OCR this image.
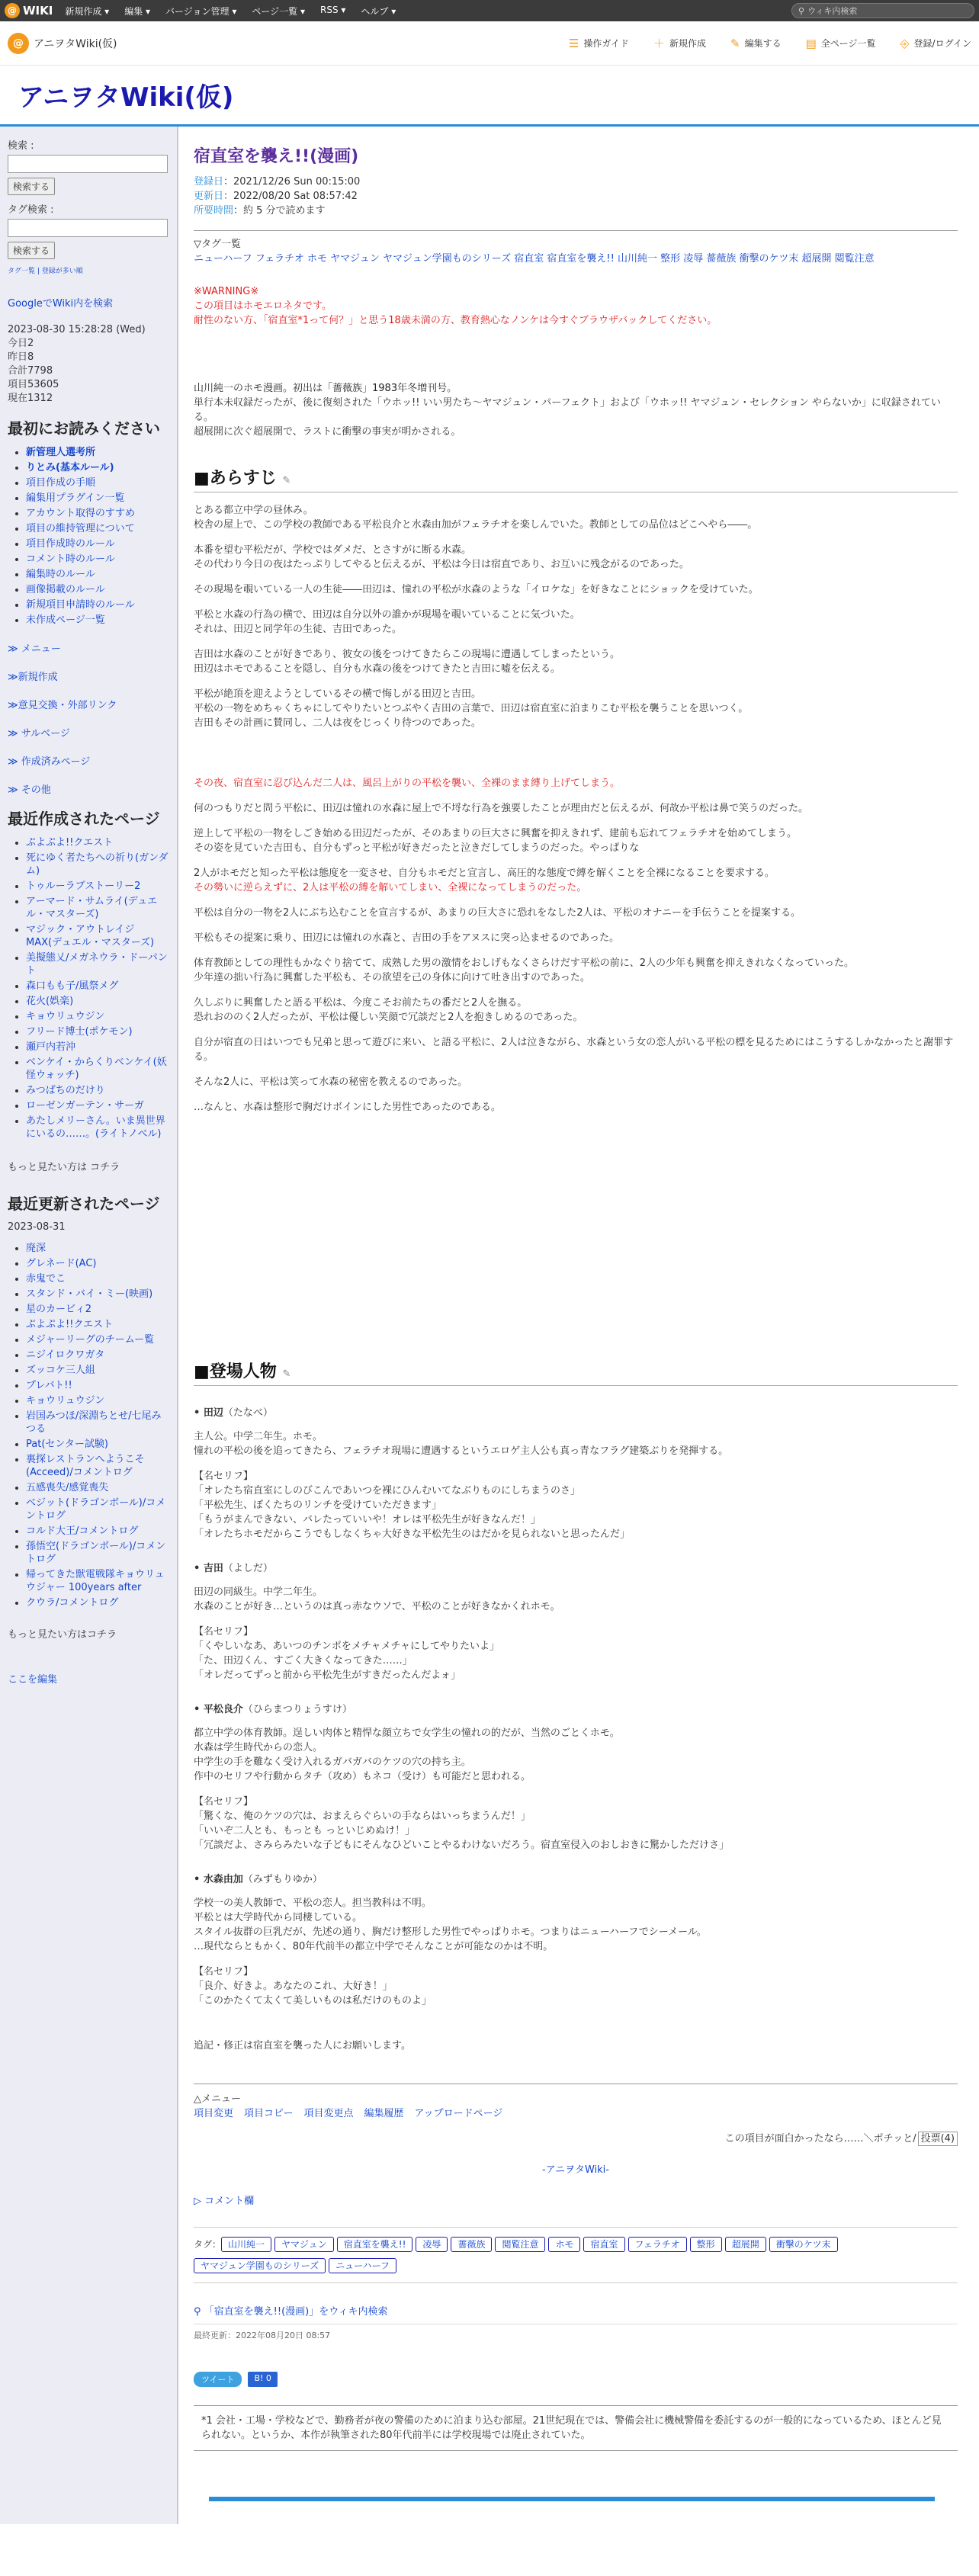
@ WIKI 新規作成 ▾ 編集 ▾ バージョン管理 ▾ ページ一覧 ▾ RSS ▾ ヘルプ ▾	⚲ ウィキ内検索
@ アニヲタWiki(仮)	☰ 操作ガイド ＋ 新規作成 ✎ 編集する ▤ 全ページ一覧 ⎆ 登録/ログイン
アニヲタWiki(仮)
検索 :
検索する
タグ検索 :
検索する
タグ一覧 | 登録が多い順
GoogleでWiki内を検索
2023-08-30 15:28:28 (Wed)
今日2
昨日8
合計7798
項目53605
現在1312
最初にお読みください
• 新管理人選考所
• りとみ(基本ルール)
• 項目作成の手順
• 編集用プラグイン一覧
• アカウント取得のすすめ
• 項目の維持管理について
• 項目作成時のルール
• コメント時のルール
• 編集時のルール
• 画像掲載のルール
• 新規項目申請時のルール
• 未作成ページ一覧
≫ メニュー
≫新規作成
≫意見交換・外部リンク
≫ サルベージ
≫ 作成済みページ
≫ その他
最近作成されたページ
• ぷよぷよ!!クエスト
• 死にゆく者たちへの祈り(ガンダム)
• トゥルーラブストーリー2
• アーマード・サムライ(デュエル・マスターズ)
• マジック・アウトレイジMAX(デュエル・マスターズ)
• 美擬態乂/メガネウラ・ドーパント
• 森口もも子/風祭メグ
• 花火(娯楽)
• キョウリュウジン
• フリード博士(ポケモン)
• 瀬戸内若沖
• ベンケイ・からくりベンケイ(妖怪ウォッチ)
• みつばちのだけり
• ローゼンガーテン・サーガ
• あたしメリーさん。いま異世界にいるの……。(ライトノベル)
もっと見たい方は コチラ
最近更新されたページ
2023-08-31
• 廃深
• グレネード(AC)
• 赤鬼でこ
• スタンド・バイ・ミー(映画)
• 星のカービィ2
• ぷよぷよ!!クエスト
• メジャーリーグのチームー覧
• ニジイロクワガタ
• ズッコケ三人組
• プレバト!!
• キョウリュウジン
• 岩国みつほ/深淵ちとせ/七尾みつる
• Pat(センター試験)
• 裏探レストランへようこそ(Acceed)/コメントログ
• 五感喪失/感覚喪失
• ベジット(ドラゴンボール)/コメントログ
• コルド大王/コメントログ
• 孫悟空(ドラゴンボール)/コメントログ
• 帰ってきた獣電戦隊キョウリュウジャー 100years after
• クウラ/コメントログ
もっと見たい方はコチラ
ここを編集
宿直室を襲え!!(漫画)
登録日：2021/12/26 Sun 00:15:00
更新日：2022/08/20 Sat 08:57:42
所要時間：約 5 分で読めます
▽タグ一覧
ニューハーフ フェラチオ ホモ ヤマジュン ヤマジュン学園ものシリーズ 宿直室 宿直室を襲え!! 山川純一 整形 凌辱 薔薇族 衝撃のケツ末 超展開 閲覧注意
※WARNING※
この項目はホモエロネタです。
耐性のない方、「宿直室*1って何？」と思う18歳未満の方、教育熱心なノンケは今すぐブラウザバックしてください。
山川純一のホモ漫画。初出は「薔薇族」1983年冬増刊号。
単行本未収録だったが、後に復刻された「ウホッ!! いい男たち〜ヤマジュン・パーフェクト」および「ウホッ!! ヤマジュン・セレクション やらないか」に収録されている。
超展開に次ぐ超展開で、ラストに衝撃の事実が明かされる。
■あらすじ ✎
とある都立中学の昼休み。
校舎の屋上で、この学校の教師である平松良介と水森由加がフェラチオを楽しんでいた。教師としての品位はどこへやら――。
本番を望む平松だが、学校ではダメだ、とさすがに断る水森。
その代わり今日の夜はたっぷりしてやると伝えるが、平松は今日は宿直であり、お互いに残念がるのであった。
その現場を覗いている一人の生徒――田辺は、憧れの平松が水森のような「イロケな」を好きなことにショックを受けていた。
平松と水森の行為の横で、田辺は自分以外の誰かが現場を覗いていることに気づいた。
それは、田辺と同学年の生徒、吉田であった。
吉田は水森のことが好きであり、彼女の後をつけてきたらこの現場に遭遇してしまったという。
田辺はホモであることを隠し、自分も水森の後をつけてきたと吉田に嘘を伝える。
平松が絶頂を迎えようとしているその横で悔しがる田辺と吉田。
平松の一物をめちゃくちゃにしてやりたいとつぶやく吉田の言葉で、田辺は宿直室に泊まりこむ平松を襲うことを思いつく。
吉田もその計画に賛同し、二人は夜をじっくり待つのであった。
その夜、宿直室に忍び込んだ二人は、風呂上がりの平松を襲い、全裸のまま縛り上げてしまう。
何のつもりだと問う平松に、田辺は憧れの水森に屋上で不埒な行為を強要したことが理由だと伝えるが、何故か平松は鼻で笑うのだった。
逆上して平松の一物をしごき始める田辺だったが、そのあまりの巨大さに興奮を抑えきれず、建前も忘れてフェラチオを始めてしまう。
その姿を見ていた吉田も、自分もずっと平松が好きだったと泣きだしてしまうのだった。やっぱりな
2人がホモだと知った平松は態度を一変させ、自分もホモだと宣言し、高圧的な態度で縛を解くことを全裸になることを要求する。
その勢いに逆らえずに、2人は平松の縛を解いてしまい、全裸になってしまうのだった。
平松は自分の一物を2人にぶち込むことを宣言するが、あまりの巨大さに恐れをなした2人は、平松のオナニーを手伝うことを提案する。
平松もその提案に乗り、田辺には憧れの水森と、吉田の手をアヌスに突っ込ませるのであった。
体育教師としての理性もかなぐり捨てて、成熟した男の激情をおしげもなくさらけだす平松の前に、2人の少年も興奮を抑えきれなくなっていった。
少年達の拙い行為に興奮した平松も、その欲望を己の身体に向けて吐き出すのであった。
久しぶりに興奮したと語る平松は、今度こそお前たちの番だと2人を撫る。
恐れおののく2人だったが、平松は優しい笑顔で冗談だと2人を抱きしめるのであった。
自分が宿直の日はいつでも兄弟と思って遊びに来い、と語る平松に、2人は泣きながら、水森という女の恋人がいる平松の標を見るためにはこうするしかなかったと謝罪する。
そんな2人に、平松は笑って水森の秘密を教えるのであった。
…なんと、水森は整形で胸だけボインにした男性であったのである。
■登場人物 ✎
• 田辺（たなべ）
主人公。中学二年生。ホモ。
憧れの平松の後を追ってきたら、フェラチオ現場に遭遇するというエロゲ主人公も真っ青なフラグ建築ぶりを発揮する。
【名セリフ】
「オレたち宿直室にしのびこんであいつを裸にひんむいてなぶりものにしちまうのさ」
「平松先生、ぼくたちのリンチを受けていただきます」
「もうがまんできない、バレたっていいや！オレは平松先生が好きなんだ！」
「オレたちホモだからこうでもしなくちゃ大好きな平松先生のはだかを見られないと思ったんだ」
• 吉田（よしだ）
田辺の同級生。中学二年生。
水森のことが好き…というのは真っ赤なウソで、平松のことが好きなかくれホモ。
【名セリフ】
「くやしいなあ、あいつのチンポをメチャメチャにしてやりたいよ」
「た、田辺くん、すごく大きくなってきた……」
「オレだってずっと前から平松先生がすきだったんだよォ」
• 平松良介（ひらまつりょうすけ）
都立中学の体育教師。逞しい肉体と精悍な顔立ちで女学生の憧れの的だが、当然のごとくホモ。
水森は学生時代からの恋人。
中学生の手を難なく受け入れるガバガバのケツの穴の持ち主。
作中のセリフや行動からタチ（攻め）もネコ（受け）も可能だと思われる。
【名セリフ】
「驚くな、俺のケツの穴は、おまえらぐらいの手ならはいっちまうんだ！」
「いいぞ二人とも、もっとも っといじめぬけ！」
「冗談だよ、さみらみたいな子どもにそんなひどいことやるわけないだろう。宿直室侵入のおしおきに驚かしただけさ」
• 水森由加（みずもりゆか）
学校一の美人教師で、平松の恋人。担当教科は不明。
平松とは大学時代から同棲している。
スタイル抜群の巨乳だが、先述の通り、胸だけ整形した男性でやっぱりホモ。つまりはニューハーフでシーメール。
…現代ならともかく、80年代前半の都立中学でそんなことが可能なのかは不明。
【名セリフ】
「良介、好きよ。あなたのこれ、大好き！」
「このかたくて太くて美しいものは私だけのものよ」
追記・修正は宿直室を襲った人にお願いします。
△メニュー
項目変更 項目コピー 項目変更点 編集履歴 アップロードページ
この項目が面白かったなら……＼ポチッと/ 投票(4)
-アニヲタWiki-
▷ コメント欄
タグ： 山川純一 ヤマジュン 宿直室を襲え!! 凌辱 薔薇族 閲覧注意 ホモ 宿直室 フェラチオ 整形 超展開 衝撃のケツ末ヤマジュン学園ものシリーズ ニューハーフ
⚲ 「宿直室を襲え!!(漫画)」をウィキ内検索
最終更新：2022年08月20日 08:57
ツイート	B! 0
*1 会社・工場・学校などで、勤務者が夜の警備のために泊まり込む部屋。21世紀現在では、警備会社に機械警備を委託するのが一般的になっているため、ほとんど見られない。というか、本作が執筆された80年代前半には学校現場では廃止されていた。
